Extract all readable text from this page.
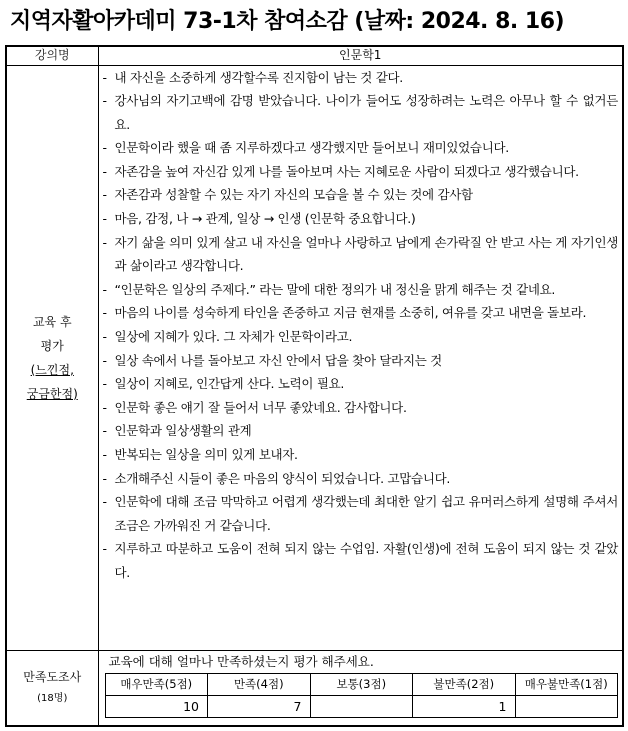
지역자활아카데미 73-1차 참여소감 (날짜: 2024. 8. 16)
강의명	인문학1

교육 후
평가
(느낀점,
궁금한점)

- 내 자신을 소중하게 생각할수록 진지함이 남는 것 같다.
- 강사님의 자기고백에 감명 받았습니다. 나이가 들어도 성장하려는 노력은 아무나 할 수 없거든요.
- 인문학이라 했을 때 좀 지루하겠다고 생각했지만 들어보니 재미있었습니다.
- 자존감을 높여 자신감 있게 나를 돌아보며 사는 지혜로운 사람이 되겠다고 생각했습니다.
- 자존감과 성찰할 수 있는 자기 자신의 모습을 볼 수 있는 것에 감사함
- 마음, 감정, 나 → 관계, 일상 → 인생 (인문학 중요합니다.)
- 자기 삶을 의미 있게 살고 내 자신을 얼마나 사랑하고 남에게 손가락질 안 받고 사는 게 자기인생과 삶이라고 생각합니다.
- “인문학은 일상의 주제다.” 라는 말에 대한 정의가 내 정신을 맑게 해주는 것 같네요.
- 마음의 나이를 성숙하게 타인을 존중하고 지금 현재를 소중히, 여유를 갖고 내면을 돌보라.
- 일상에 지혜가 있다. 그 자체가 인문학이라고.
- 일상 속에서 나를 돌아보고 자신 안에서 답을 찾아 달라지는 것
- 일상이 지혜로, 인간답게 산다. 노력이 필요.
- 인문학 좋은 얘기 잘 들어서 너무 좋았네요. 감사합니다.
- 인문학과 일상생활의 관계
- 반복되는 일상을 의미 있게 보내자.
- 소개해주신 시들이 좋은 마음의 양식이 되었습니다. 고맙습니다.
- 인문학에 대해 조금 막막하고 어렵게 생각했는데 최대한 알기 쉽고 유머러스하게 설명해 주셔서 조금은 가까워진 거 같습니다.
- 지루하고 따분하고 도움이 전혀 되지 않는 수업임. 자활(인생)에 전혀 도움이 되지 않는 것 같았다.

만족도조사
(18명)

교육에 대해 얼마나 만족하셨는지 평가 해주세요.
매우만족(5점)	만족(4점)	보통(3점)	불만족(2점)	매우불만족(1점)
10	7		1	
